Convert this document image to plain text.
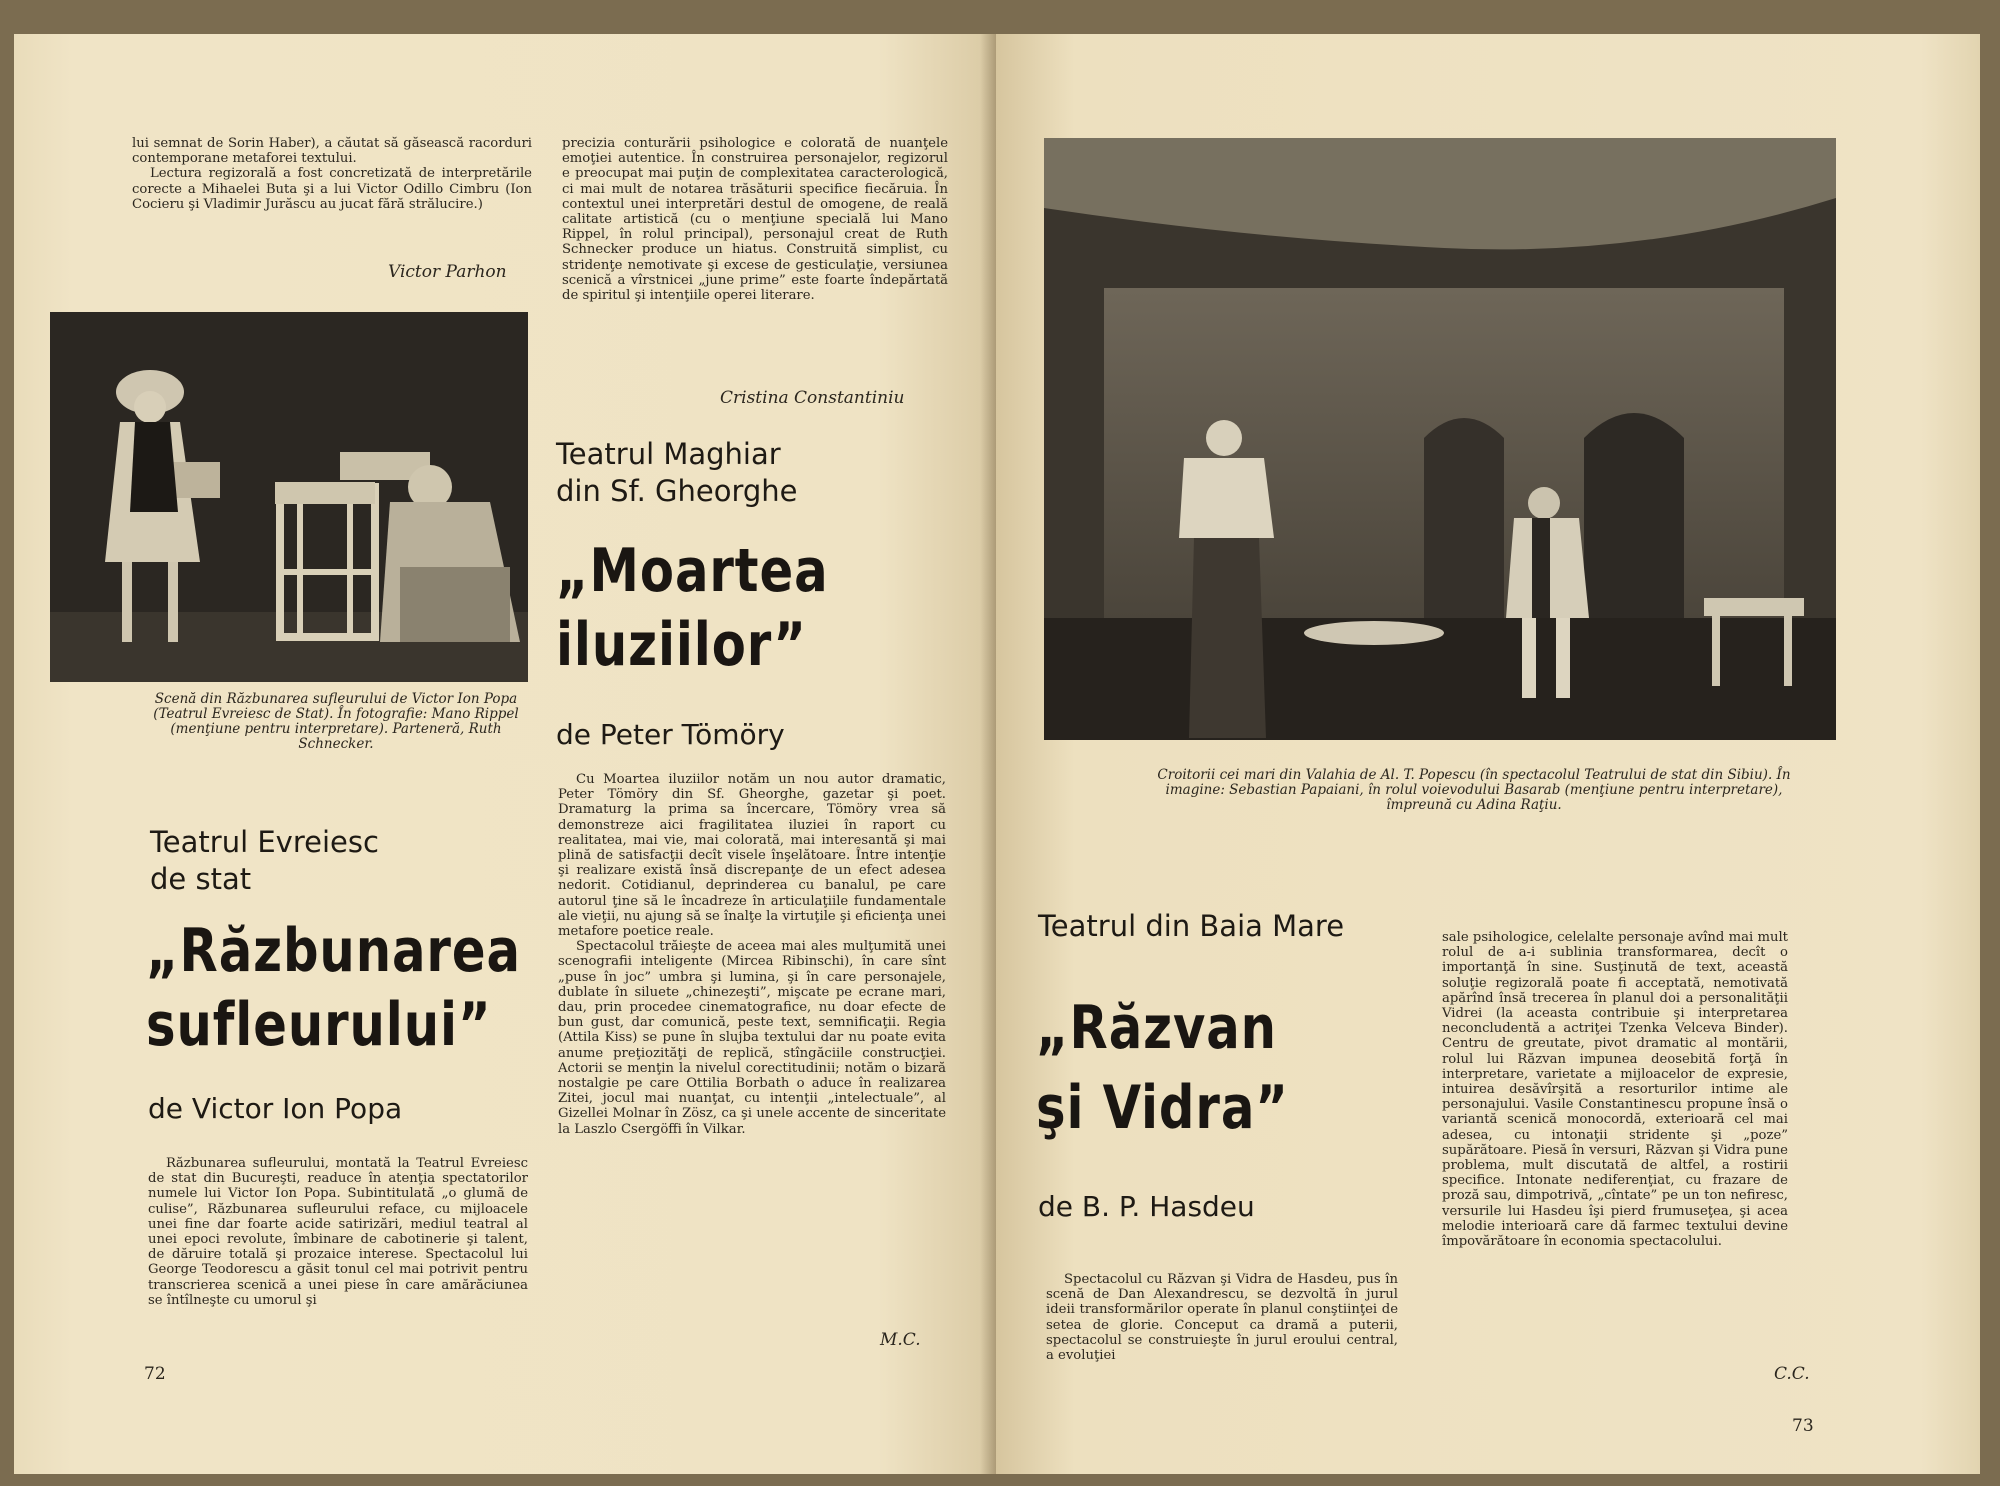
lui semnat de Sorin Haber), a căutat să găsească racorduri contemporane metaforei textului.

Lectura regizorală a fost concretizată de interpretările corecte a Mihaelei Buta şi a lui Victor Odillo Cimbru (Ion Cocieru şi Vladimir Jurăscu au jucat fără strălucire.)

Victor Parhon
Scenă din Răzbunarea sufleurului de Victor Ion Popa (Teatrul Evreiesc de Stat). În fotografie: Mano Rippel (menţiune pentru interpretare). Parteneră, Ruth Schnecker.
Teatrul Evreiesc
de stat
„Răzbunarea
sufleurului”
de Victor Ion Popa

Răzbunarea sufleurului, montată la Teatrul Evreiesc de stat din Bucureşti, readuce în atenţia spectatorilor numele lui Victor Ion Popa. Subintitulată „o glumă de culise”, Răzbunarea sufleurului reface, cu mijloacele unei fine dar foarte acide satirizări, mediul teatral al unei epoci revolute, îmbinare de cabotinerie şi talent, de dăruire totală şi prozaice interese. Spectacolul lui George Teodorescu a găsit tonul cel mai potrivit pentru transcrierea scenică a unei piese în care amărăciunea se întîlneşte cu umorul şi

precizia conturării psihologice e colorată de nuanţele emoţiei autentice. În construirea personajelor, regizorul e preocupat mai puţin de complexitatea caracterologică, ci mai mult de notarea trăsăturii specifice fiecăruia. În contextul unei interpretări destul de omogene, de reală calitate artistică (cu o menţiune specială lui Mano Rippel, în rolul principal), personajul creat de Ruth Schnecker produce un hiatus. Construită simplist, cu stridenţe nemotivate şi excese de gesticulaţie, versiunea scenică a vîrstnicei „june prime” este foarte îndepărtată de spiritul şi intenţiile operei literare.

Cristina Constantiniu
Teatrul Maghiar
din Sf. Gheorghe
„Moartea
iluziilor”
de Peter Tömöry

Cu Moartea iluziilor notăm un nou autor dramatic, Peter Tömöry din Sf. Gheorghe, gazetar şi poet. Dramaturg la prima sa încercare, Tömöry vrea să demonstreze aici fragilitatea iluziei în raport cu realitatea, mai vie, mai colorată, mai interesantă şi mai plină de satisfacţii decît visele înşelătoare. Între intenţie şi realizare există însă discrepanţe de un efect adesea nedorit. Cotidianul, deprinderea cu banalul, pe care autorul ţine să le încadreze în articulaţiile fundamentale ale vieţii, nu ajung să se înalţe la virtuţile şi eficienţa unei metafore poetice reale.

Spectacolul trăieşte de aceea mai ales mulţumită unei scenografii inteligente (Mircea Ribinschi), în care sînt „puse în joc” umbra şi lumina, şi în care personajele, dublate în siluete „chinezeşti”, mişcate pe ecrane mari, dau, prin procedee cinematografice, nu doar efecte de bun gust, dar comunică, peste text, semnificaţii. Regia (Attila Kiss) se pune în slujba textului dar nu poate evita anume preţiozităţi de replică, stîngăciile construcţiei. Actorii se menţin la nivelul corectitudinii; notăm o bizară nostalgie pe care Ottilia Borbath o aduce în realizarea Zitei, jocul mai nuanţat, cu intenţii „intelectuale”, al Gizellei Molnar în Zösz, ca şi unele accente de sinceritate la Laszlo Csergöffi în Vilkar.

M.C.
72
Croitorii cei mari din Valahia de Al. T. Popescu (în spectacolul Teatrului de stat din Sibiu). În imagine: Sebastian Papaiani, în rolul voievodului Basarab (menţiune pentru interpretare), împreună cu Adina Raţiu.
Teatrul din Baia Mare
„Răzvan
şi Vidra”
de B. P. Hasdeu

Spectacolul cu Răzvan şi Vidra de Hasdeu, pus în scenă de Dan Alexandrescu, se dezvoltă în jurul ideii transformărilor operate în planul conştiinţei de setea de glorie. Conceput ca dramă a puterii, spectacolul se construieşte în jurul eroului central, a evoluţiei

sale psihologice, celelalte personaje avînd mai mult rolul de a-i sublinia transformarea, decît o importanţă în sine. Susţinută de text, această soluţie regizorală poate fi acceptată, nemotivată apărînd însă trecerea în planul doi a personalităţii Vidrei (la aceasta contribuie şi interpretarea neconcludentă a actriţei Tzenka Velceva Binder). Centru de greutate, pivot dramatic al montării, rolul lui Răzvan impunea deosebită forţă în interpretare, varietate a mijloacelor de expresie, intuirea desăvîrşită a resorturilor intime ale personajului. Vasile Constantinescu propune însă o variantă scenică monocordă, exterioară cel mai adesea, cu intonaţii stridente şi „poze” supărătoare. Piesă în versuri, Răzvan şi Vidra pune problema, mult discutată de altfel, a rostirii specifice. Intonate nediferenţiat, cu frazare de proză sau, dimpotrivă, „cîntate” pe un ton nefiresc, versurile lui Hasdeu îşi pierd frumuseţea, şi acea melodie interioară care dă farmec textului devine împovărătoare în economia spectacolului.

C.C.
73
